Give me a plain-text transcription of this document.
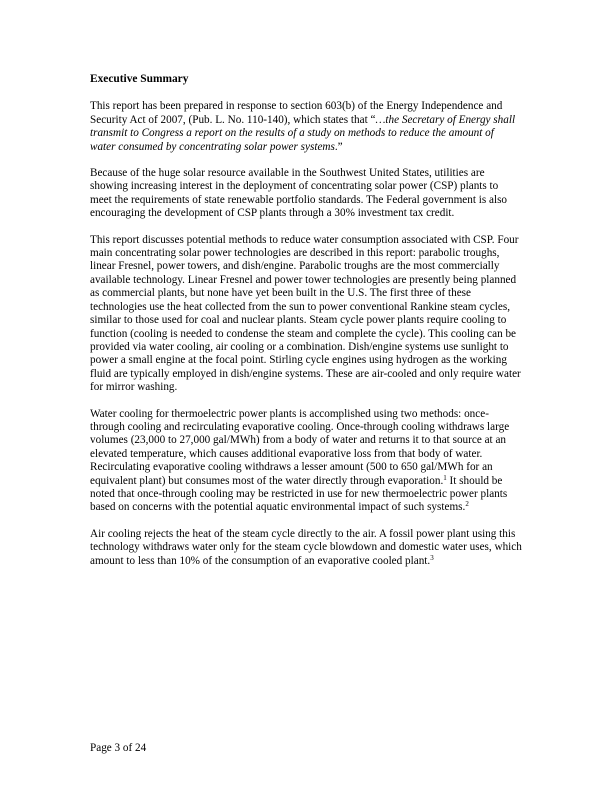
Executive Summary

This report has been prepared in response to section 603(b) of the Energy Independence and Security Act of 2007, (Pub. L. No. 110-140), which states that “…the Secretary of Energy shall transmit to Congress a report on the results of a study on methods to reduce the amount of water consumed by concentrating solar power systems.”

Because of the huge solar resource available in the Southwest United States, utilities are showing increasing interest in the deployment of concentrating solar power (CSP) plants to meet the requirements of state renewable portfolio standards. The Federal government is also encouraging the development of CSP plants through a 30% investment tax credit.

This report discusses potential methods to reduce water consumption associated with CSP. Four main concentrating solar power technologies are described in this report: parabolic troughs, linear Fresnel, power towers, and dish/engine. Parabolic troughs are the most commercially available technology. Linear Fresnel and power tower technologies are presently being planned as commercial plants, but none have yet been built in the U.S. The first three of these technologies use the heat collected from the sun to power conventional Rankine steam cycles, similar to those used for coal and nuclear plants. Steam cycle power plants require cooling to function (cooling is needed to condense the steam and complete the cycle). This cooling can be provided via water cooling, air cooling or a combination. Dish/engine systems use sunlight to power a small engine at the focal point. Stirling cycle engines using hydrogen as the working fluid are typically employed in dish/engine systems. These are air-cooled and only require water for mirror washing.

Water cooling for thermoelectric power plants is accomplished using two methods: once-through cooling and recirculating evaporative cooling. Once-through cooling withdraws large volumes (23,000 to 27,000 gal/MWh) from a body of water and returns it to that source at an elevated temperature, which causes additional evaporative loss from that body of water. Recirculating evaporative cooling withdraws a lesser amount (500 to 650 gal/MWh for an equivalent plant) but consumes most of the water directly through evaporation.$^1$ It should be noted that once-through cooling may be restricted in use for new thermoelectric power plants based on concerns with the potential aquatic environmental impact of such systems.$^2$

Air cooling rejects the heat of the steam cycle directly to the air. A fossil power plant using this technology withdraws water only for the steam cycle blowdown and domestic water uses, which amount to less than 10% of the consumption of an evaporative cooled plant.$^3$

Page 3 of 24
